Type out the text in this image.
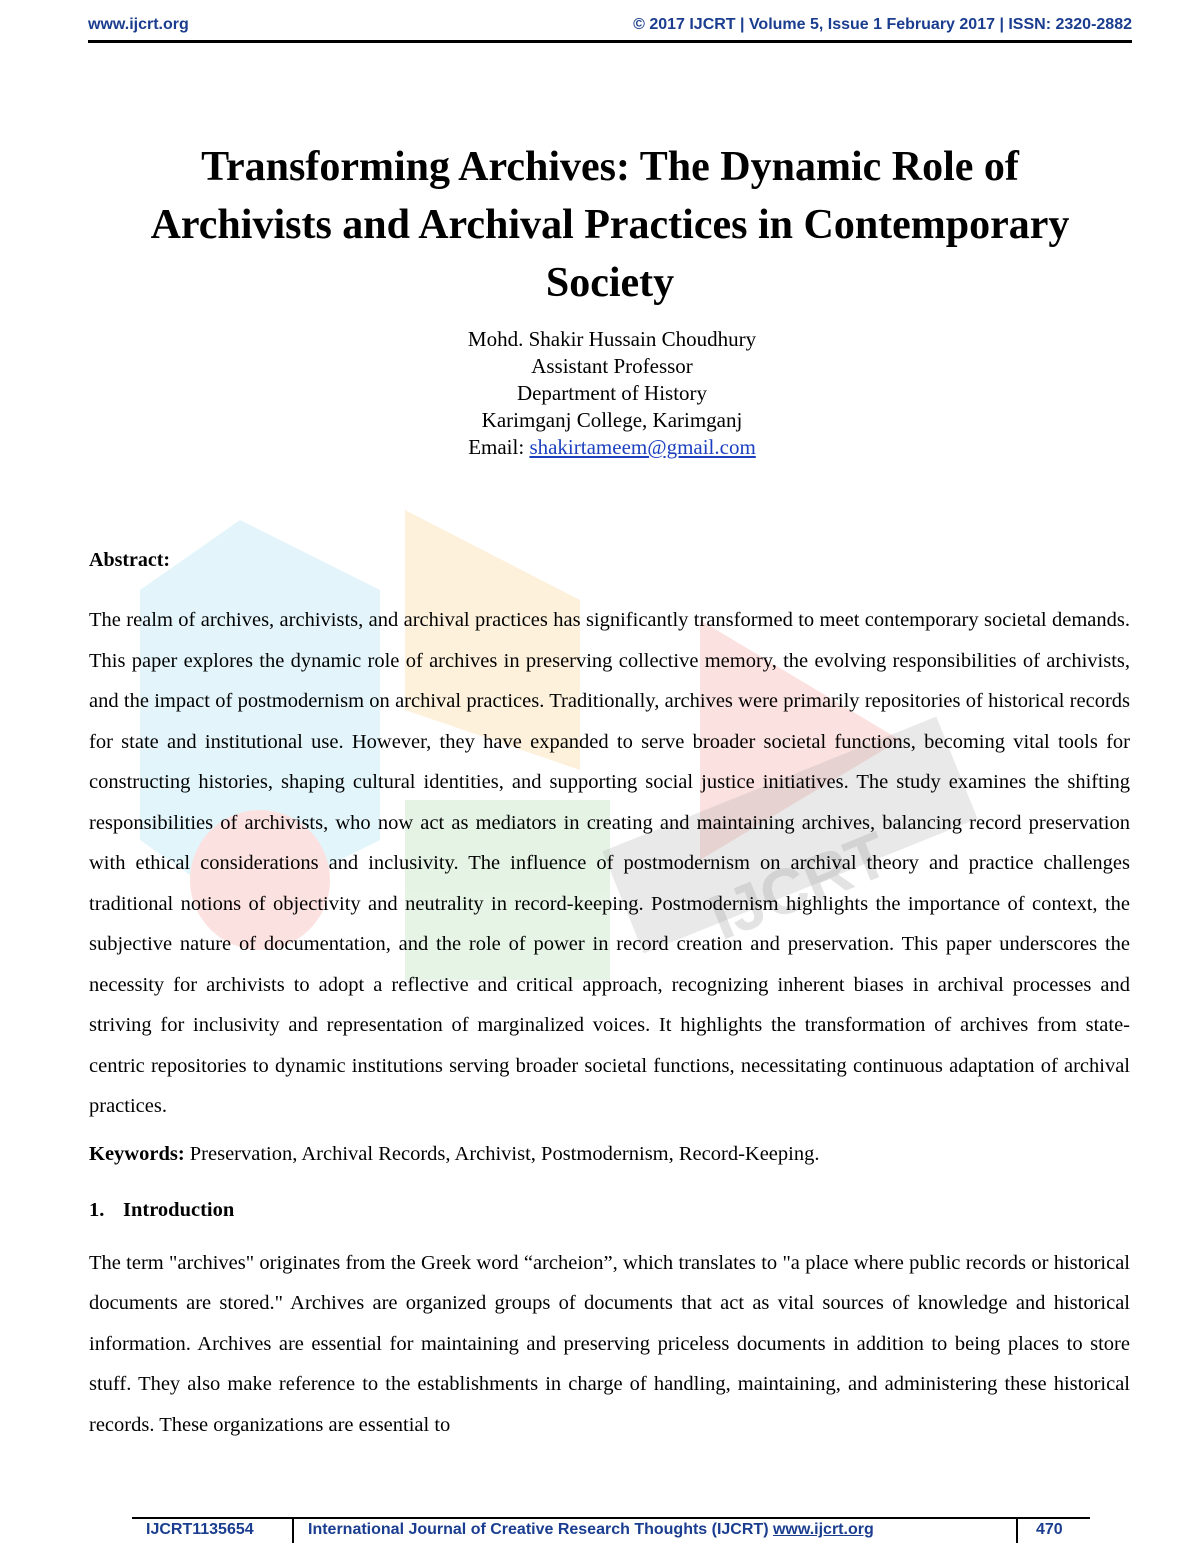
www.ijcrt.org	© 2017 IJCRT | Volume 5, Issue 1 February 2017 | ISSN: 2320-2882
IJCRT
Transforming Archives: The Dynamic Role of
Archivists and Archival Practices in Contemporary
Society
Mohd. Shakir Hussain Choudhury
Assistant Professor
Department of History
Karimganj College, Karimganj
Email: shakirtameem@gmail.com
Abstract:

The realm of archives, archivists, and archival practices has significantly transformed to meet contemporary societal demands. This paper explores the dynamic role of archives in preserving collective memory, the evolving responsibilities of archivists, and the impact of postmodernism on archival practices. Traditionally, archives were primarily repositories of historical records for state and institutional use. However, they have expanded to serve broader societal functions, becoming vital tools for constructing histories, shaping cultural identities, and supporting social justice initiatives. The study examines the shifting responsibilities of archivists, who now act as mediators in creating and maintaining archives, balancing record preservation with ethical considerations and inclusivity. The influence of postmodernism on archival theory and practice challenges traditional notions of objectivity and neutrality in record-keeping. Postmodernism highlights the importance of context, the subjective nature of documentation, and the role of power in record creation and preservation. This paper underscores the necessity for archivists to adopt a reflective and critical approach, recognizing inherent biases in archival processes and striving for inclusivity and representation of marginalized voices. It highlights the transformation of archives from state-centric repositories to dynamic institutions serving broader societal functions, necessitating continuous adaptation of archival practices.

Keywords: Preservation, Archival Records, Archivist, Postmodernism, Record-Keeping.

1. Introduction

The term "archives" originates from the Greek word “archeion”, which translates to "a place where public records or historical documents are stored." Archives are organized groups of documents that act as vital sources of knowledge and historical information. Archives are essential for maintaining and preserving priceless documents in addition to being places to store stuff. They also make reference to the establishments in charge of handling, maintaining, and administering these historical records. These organizations are essential to

IJCRT1135654	International Journal of Creative Research Thoughts (IJCRT) www.ijcrt.org	470
